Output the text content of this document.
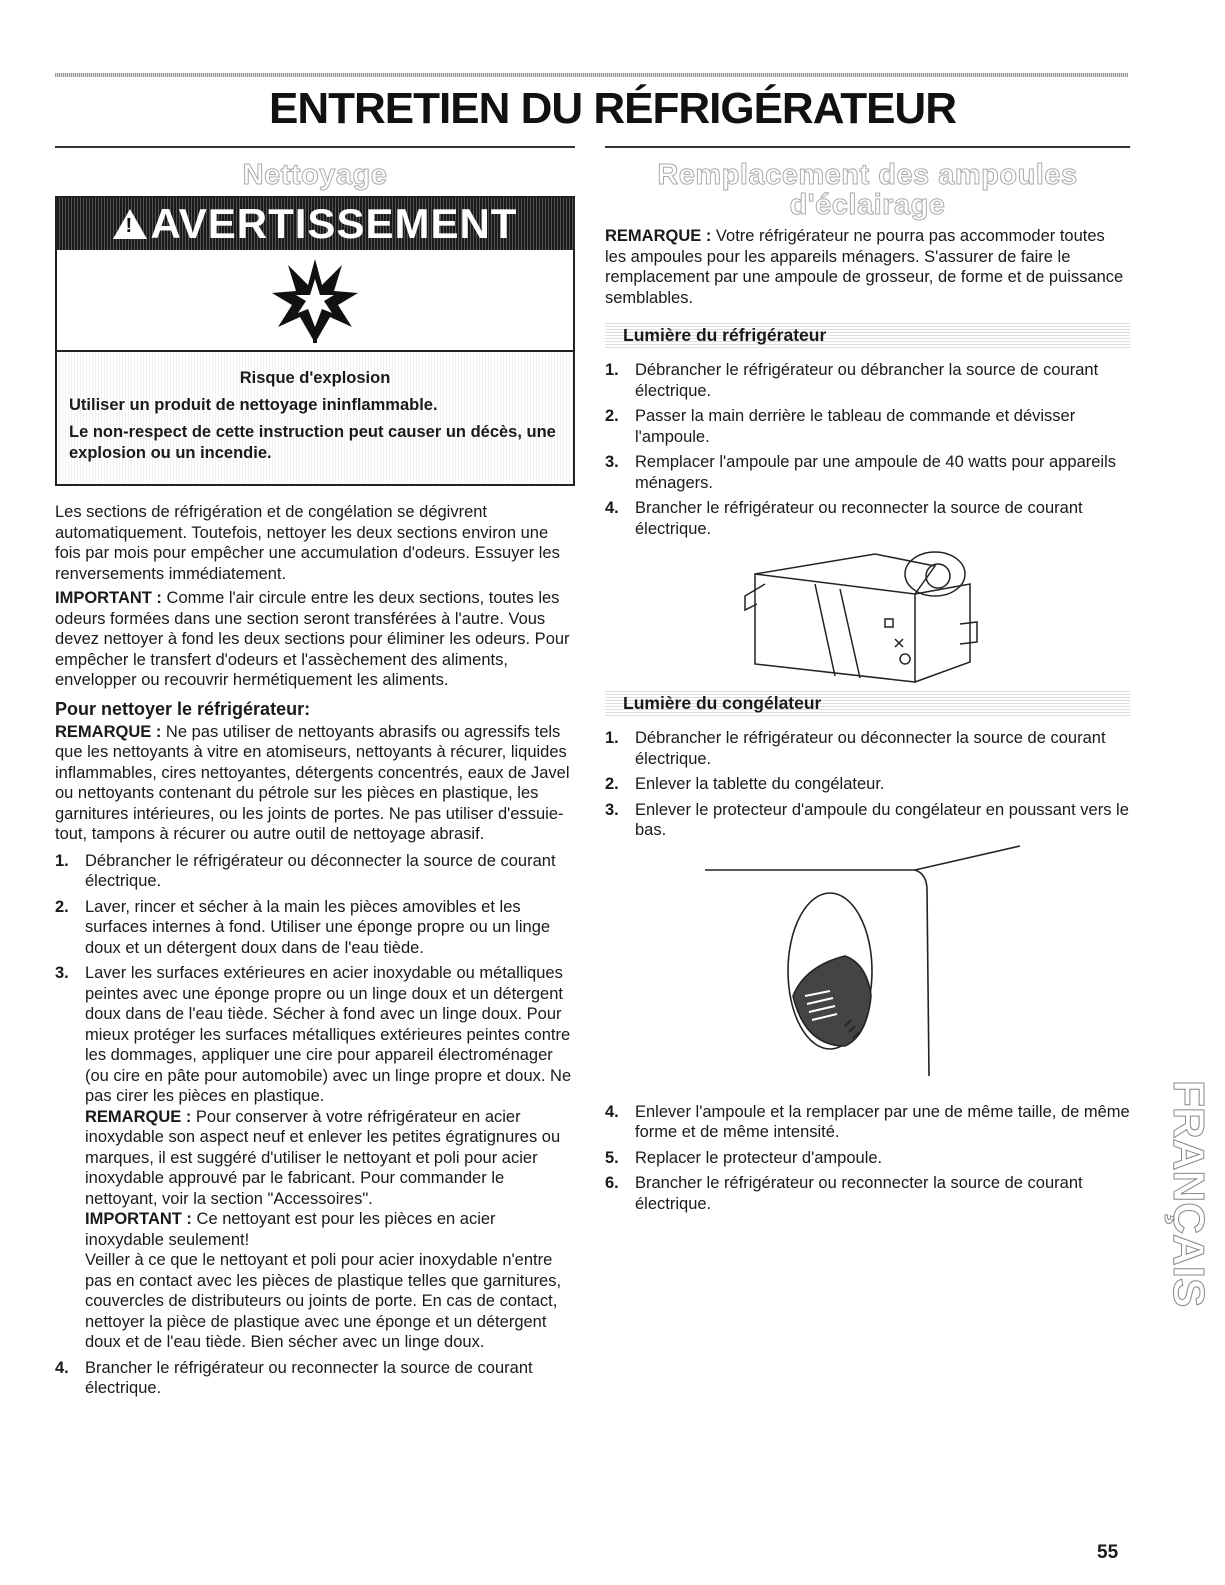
ENTRETIEN DU RÉFRIGÉRATEUR
Nettoyage
! AVERTISSEMENT

Risque d'explosion

Utiliser un produit de nettoyage ininflammable.

Le non-respect de cette instruction peut causer un décès, une explosion ou un incendie.

Les sections de réfrigération et de congélation se dégivrent automatiquement. Toutefois, nettoyer les deux sections environ une fois par mois pour empêcher une accumulation d'odeurs. Essuyer les renversements immédiatement.

IMPORTANT : Comme l'air circule entre les deux sections, toutes les odeurs formées dans une section seront transférées à l'autre. Vous devez nettoyer à fond les deux sections pour éliminer les odeurs. Pour empêcher le transfert d'odeurs et l'assèchement des aliments, envelopper ou recouvrir hermétiquement les aliments.

Pour nettoyer le réfrigérateur:

REMARQUE : Ne pas utiliser de nettoyants abrasifs ou agressifs tels que les nettoyants à vitre en atomiseurs, nettoyants à récurer, liquides inflammables, cires nettoyantes, détergents concentrés, eaux de Javel ou nettoyants contenant du pétrole sur les pièces en plastique, les garnitures intérieures, ou les joints de portes. Ne pas utiliser d'essuie-tout, tampons à récurer ou autre outil de nettoyage abrasif.

1. Débrancher le réfrigérateur ou déconnecter la source de courant électrique.
2. Laver, rincer et sécher à la main les pièces amovibles et les surfaces internes à fond. Utiliser une éponge propre ou un linge doux et un détergent doux dans de l'eau tiède.
3. Laver les surfaces extérieures en acier inoxydable ou métalliques peintes avec une éponge propre ou un linge doux et un détergent doux dans de l'eau tiède. Sécher à fond avec un linge doux. Pour mieux protéger les surfaces métalliques extérieures peintes contre les dommages, appliquer une cire pour appareil électroménager (ou cire en pâte pour automobile) avec un linge propre et doux. Ne pas cirer les pièces en plastique.

REMARQUE : Pour conserver à votre réfrigérateur en acier inoxydable son aspect neuf et enlever les petites égratignures ou marques, il est suggéré d'utiliser le nettoyant et poli pour acier inoxydable approuvé par le fabricant. Pour commander le nettoyant, voir la section "Accessoires".

IMPORTANT : Ce nettoyant est pour les pièces en acier inoxydable seulement!

Veiller à ce que le nettoyant et poli pour acier inoxydable n'entre pas en contact avec les pièces de plastique telles que garnitures, couvercles de distributeurs ou joints de porte. En cas de contact, nettoyer la pièce de plastique avec une éponge et un détergent doux et de l'eau tiède. Bien sécher avec un linge doux.

4. Brancher le réfrigérateur ou reconnecter la source de courant électrique.
Remplacement des ampoules d'éclairage

REMARQUE : Votre réfrigérateur ne pourra pas accommoder toutes les ampoules pour les appareils ménagers. S'assurer de faire le remplacement par une ampoule de grosseur, de forme et de puissance semblables.

Lumière du réfrigérateur
1. Débrancher le réfrigérateur ou débrancher la source de courant électrique.
2. Passer la main derrière le tableau de commande et dévisser l'ampoule.
3. Remplacer l'ampoule par une ampoule de 40 watts pour appareils ménagers.
4. Brancher le réfrigérateur ou reconnecter la source de courant électrique.
Lumière du congélateur
1. Débrancher le réfrigérateur ou déconnecter la source de courant électrique.
2. Enlever la tablette du congélateur.
3. Enlever le protecteur d'ampoule du congélateur en poussant vers le bas.
4. Enlever l'ampoule et la remplacer par une de même taille, de même forme et de même intensité.
5. Replacer le protecteur d'ampoule.
6. Brancher le réfrigérateur ou reconnecter la source de courant électrique.	FRANÇAIS
55
